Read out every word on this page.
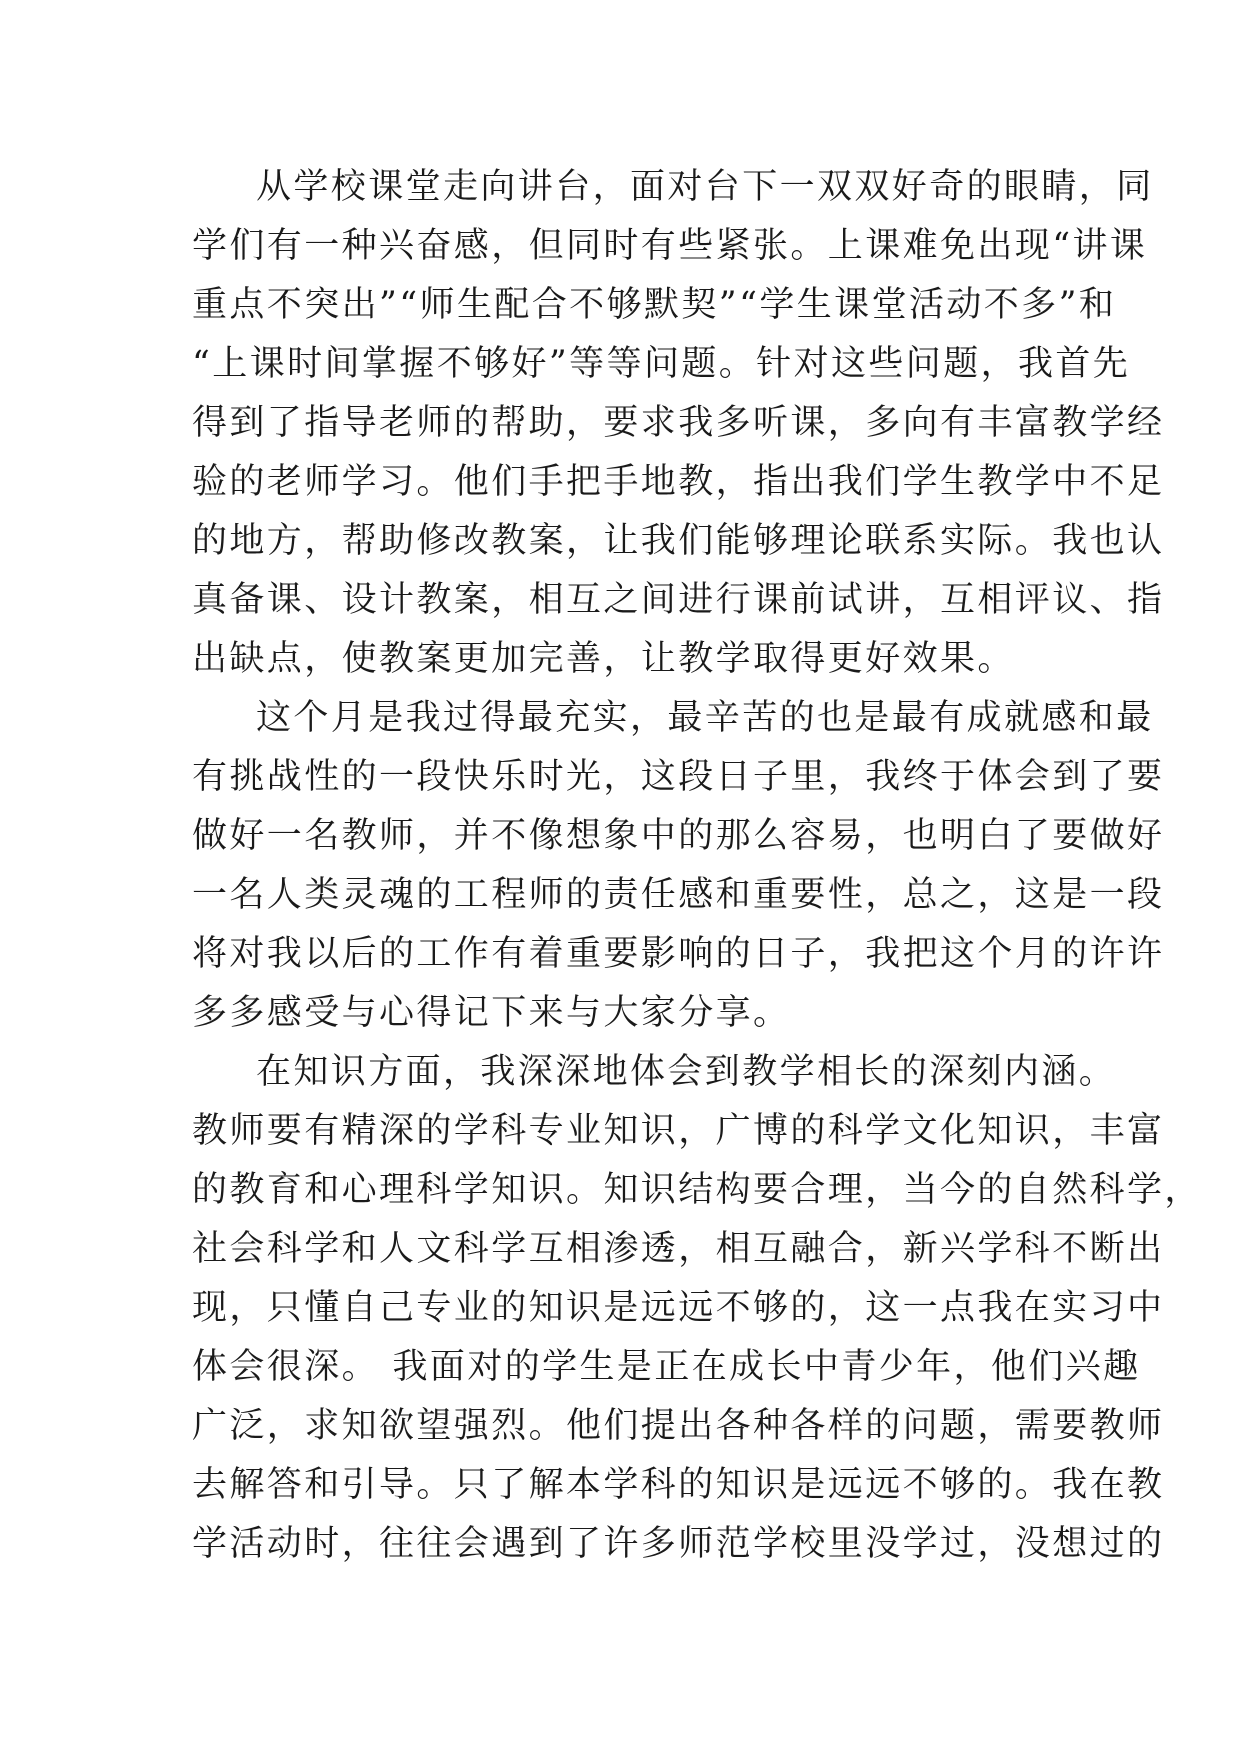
从学校课堂走向讲台，面对台下一双双好奇的眼睛，同
学们有一种兴奋感，但同时有些紧张。上课难免出现“讲课
重点不突出”“师生配合不够默契”“学生课堂活动不多”和
“上课时间掌握不够好”等等问题。针对这些问题，我首先
得到了指导老师的帮助，要求我多听课，多向有丰富教学经
验的老师学习。他们手把手地教，指出我们学生教学中不足
的地方，帮助修改教案，让我们能够理论联系实际。我也认
真备课、设计教案，相互之间进行课前试讲，互相评议、指
出缺点，使教案更加完善，让教学取得更好效果。
这个月是我过得最充实，最辛苦的也是最有成就感和最
有挑战性的一段快乐时光，这段日子里，我终于体会到了要
做好一名教师，并不像想象中的那么容易，也明白了要做好
一名人类灵魂的工程师的责任感和重要性，总之，这是一段
将对我以后的工作有着重要影响的日子，我把这个月的许许
多多感受与心得记下来与大家分享。
在知识方面，我深深地体会到教学相长的深刻内涵。
教师要有精深的学科专业知识，广博的科学文化知识，丰富
的教育和心理科学知识。知识结构要合理，当今的自然科学，
社会科学和人文科学互相渗透，相互融合，新兴学科不断出
现，只懂自己专业的知识是远远不够的，这一点我在实习中
体会很深。 我面对的学生是正在成长中青少年，他们兴趣
广泛，求知欲望强烈。他们提出各种各样的问题，需要教师
去解答和引导。只了解本学科的知识是远远不够的。我在教
学活动时，往往会遇到了许多师范学校里没学过，没想过的
